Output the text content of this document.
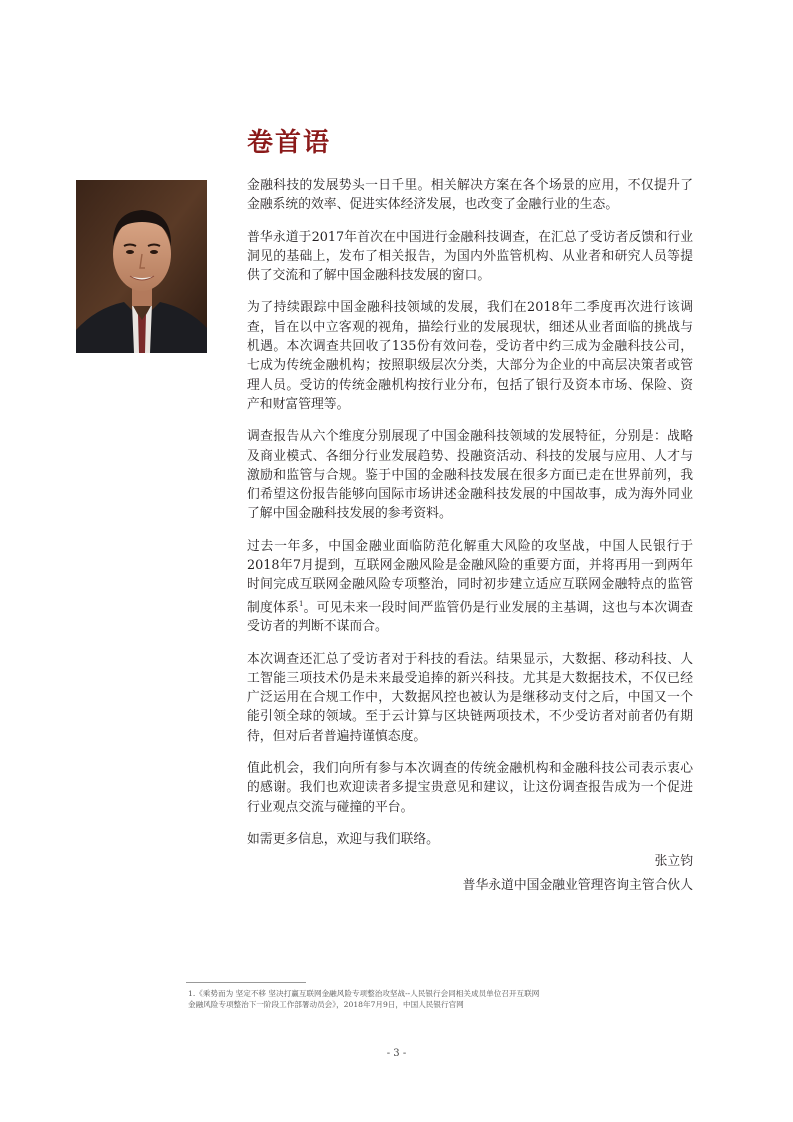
卷首语

金融科技的发展势头一日千里。相关解决方案在各个场景的应用，不仅提升了金融系统的效率、促进实体经济发展，也改变了金融行业的生态。

普华永道于2017年首次在中国进行金融科技调查，在汇总了受访者反馈和行业洞见的基础上，发布了相关报告，为国内外监管机构、从业者和研究人员等提供了交流和了解中国金融科技发展的窗口。

为了持续跟踪中国金融科技领域的发展，我们在2018年二季度再次进行该调查，旨在以中立客观的视角，描绘行业的发展现状，细述从业者面临的挑战与机遇。本次调查共回收了135份有效问卷，受访者中约三成为金融科技公司，七成为传统金融机构；按照职级层次分类，大部分为企业的中高层决策者或管理人员。受访的传统金融机构按行业分布，包括了银行及资本市场、保险、资产和财富管理等。

调查报告从六个维度分别展现了中国金融科技领域的发展特征，分别是：战略及商业模式、各细分行业发展趋势、投融资活动、科技的发展与应用、人才与激励和监管与合规。鉴于中国的金融科技发展在很多方面已走在世界前列，我们希望这份报告能够向国际市场讲述金融科技发展的中国故事，成为海外同业了解中国金融科技发展的参考资料。

过去一年多，中国金融业面临防范化解重大风险的攻坚战，中国人民银行于2018年7月提到，互联网金融风险是金融风险的重要方面，并将再用一到两年时间完成互联网金融风险专项整治，同时初步建立适应互联网金融特点的监管制度体系$^1$。可见未来一段时间严监管仍是行业发展的主基调，这也与本次调查受访者的判断不谋而合。

本次调查还汇总了受访者对于科技的看法。结果显示，大数据、移动科技、人工智能三项技术仍是未来最受追捧的新兴科技。尤其是大数据技术，不仅已经广泛运用在合规工作中，大数据风控也被认为是继移动支付之后，中国又一个能引领全球的领域。至于云计算与区块链两项技术，不少受访者对前者仍有期待，但对后者普遍持谨慎态度。

值此机会，我们向所有参与本次调查的传统金融机构和金融科技公司表示衷心的感谢。我们也欢迎读者多提宝贵意见和建议，让这份调查报告成为一个促进行业观点交流与碰撞的平台。

如需更多信息，欢迎与我们联络。

张立钧
普华永道中国金融业管理咨询主管合伙人
1.《乘势而为 坚定不移 坚决打赢互联网金融风险专项整治攻坚战--人民银行会同相关成员单位召开互联网
金融风险专项整治下一阶段工作部署动员会》，2018年7月9日，中国人民银行官网
- 3 -
